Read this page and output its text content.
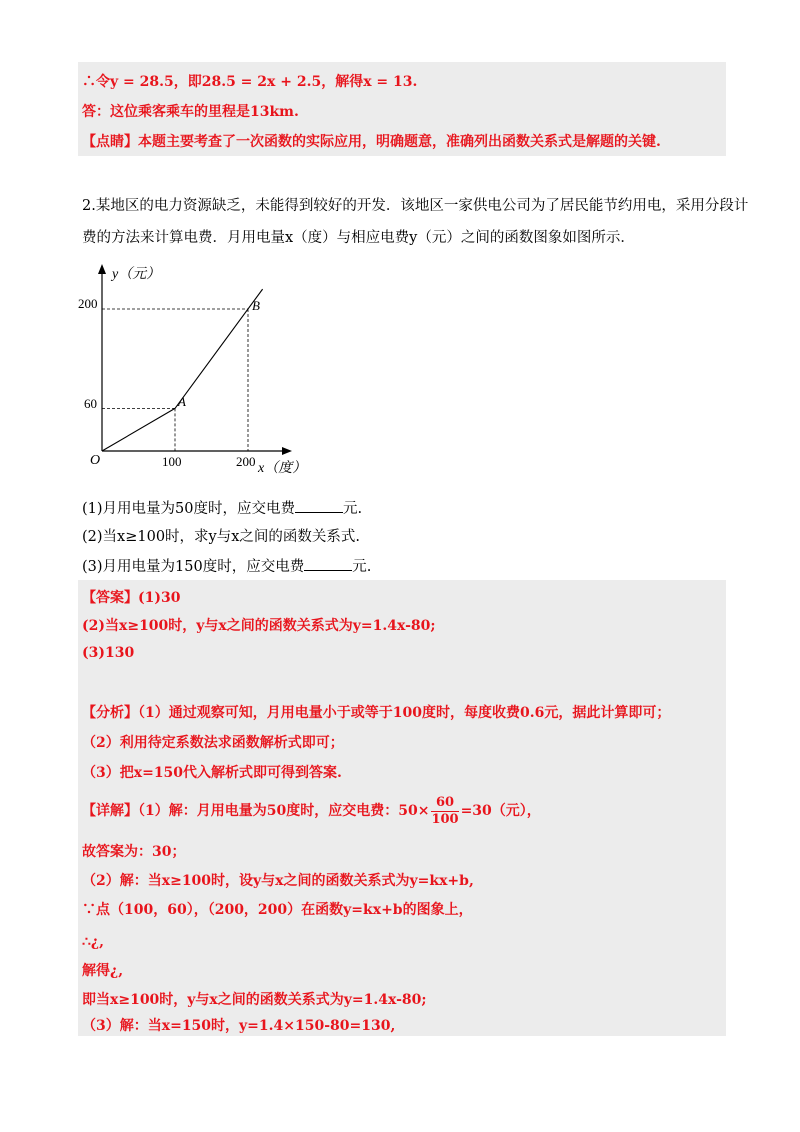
∴令y = 28.5，即28.5 = 2x + 2.5，解得x = 13.
答：这位乘客乘车的里程是13km.
【点睛】本题主要考查了一次函数的实际应用，明确题意，准确列出函数关系式是解题的关键.
2.某地区的电力资源缺乏，未能得到较好的开发．该地区一家供电公司为了居民能节约用电，采用分段计
费的方法来计算电费．月用电量x（度）与相应电费y（元）之间的函数图象如图所示．
y（元）
x（度）
O
200
60
100	200
A
B
(1)月用电量为50度时，应交电费	元.
(2)当x≥100时，求y与x之间的函数关系式.
(3)月用电量为150度时，应交电费	元.
【答案】(1)30
(2)当x≥100时，y与x之间的函数关系式为y=1.4x-80;
(3)130
【分析】（1）通过观察可知，月用电量小于或等于100度时，每度收费0.6元，据此计算即可；
（2）利用待定系数法求函数解析式即可；
（3）把x=150代入解析式即可得到答案.
【详解】（1）解：月用电量为50度时，应交电费：$50\times \frac{60}{100} =30$（元），
故答案为：30；
（2）解：当x≥100时，设y与x之间的函数关系式为y=kx+b,
∵点（100，60），（200，200）在函数y=kx+b的图象上，
∴¿,
解得¿,
即当x≥100时，y与x之间的函数关系式为y=1.4x-80;
（3）解：当x=150时，y=1.4×150-80=130,
